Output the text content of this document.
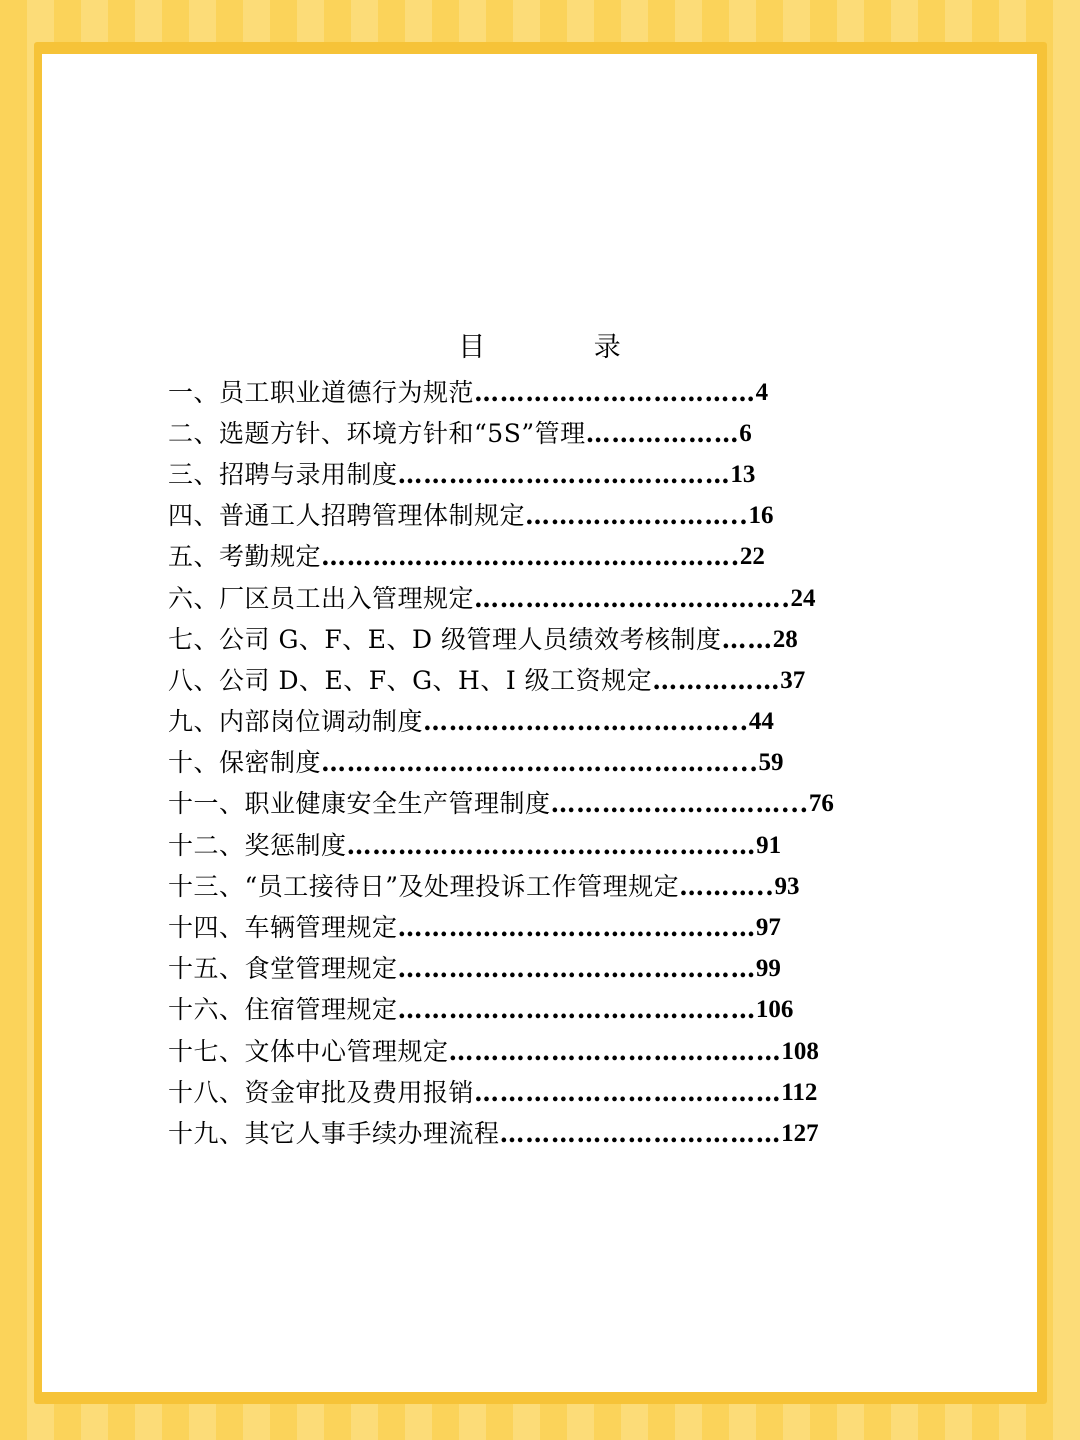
目 录
一、员工职业道德行为规范 …………………………… 4
二、选题方针、环境方针和“5S”管理 ……………… 6
三、招聘与录用制度 ………………………………… 13
四、普通工人招聘管理体制规定 …………………….. 16
五、考勤规定 …………………………………………. 22
六、厂区员工出入管理规定 ………………………………. 24
七、公司 G、F、E、D 级管理人员绩效考核制度 …… 28
八、公司 D、E、F、G、H、I 级工资规定 …………… 37
九、内部岗位调动制度 ……………………………….. 44
十、保密制度 …………………………………………... 59
十一、职业健康安全生产管理制度 ………………………... 76
十二、奖惩制度 ………………………………………… 91
十三、“员工接待日”及处理投诉工作管理规定 ……….. 93
十四、车辆管理规定 …………………………………… 97
十五、食堂管理规定 …………………………………… 99
十六、住宿管理规定 …………………………………… 106
十七、文体中心管理规定 ………………………………… 108
十八、资金审批及费用报销 ……………………………… 112
十九、其它人事手续办理流程 …………………………… 127
